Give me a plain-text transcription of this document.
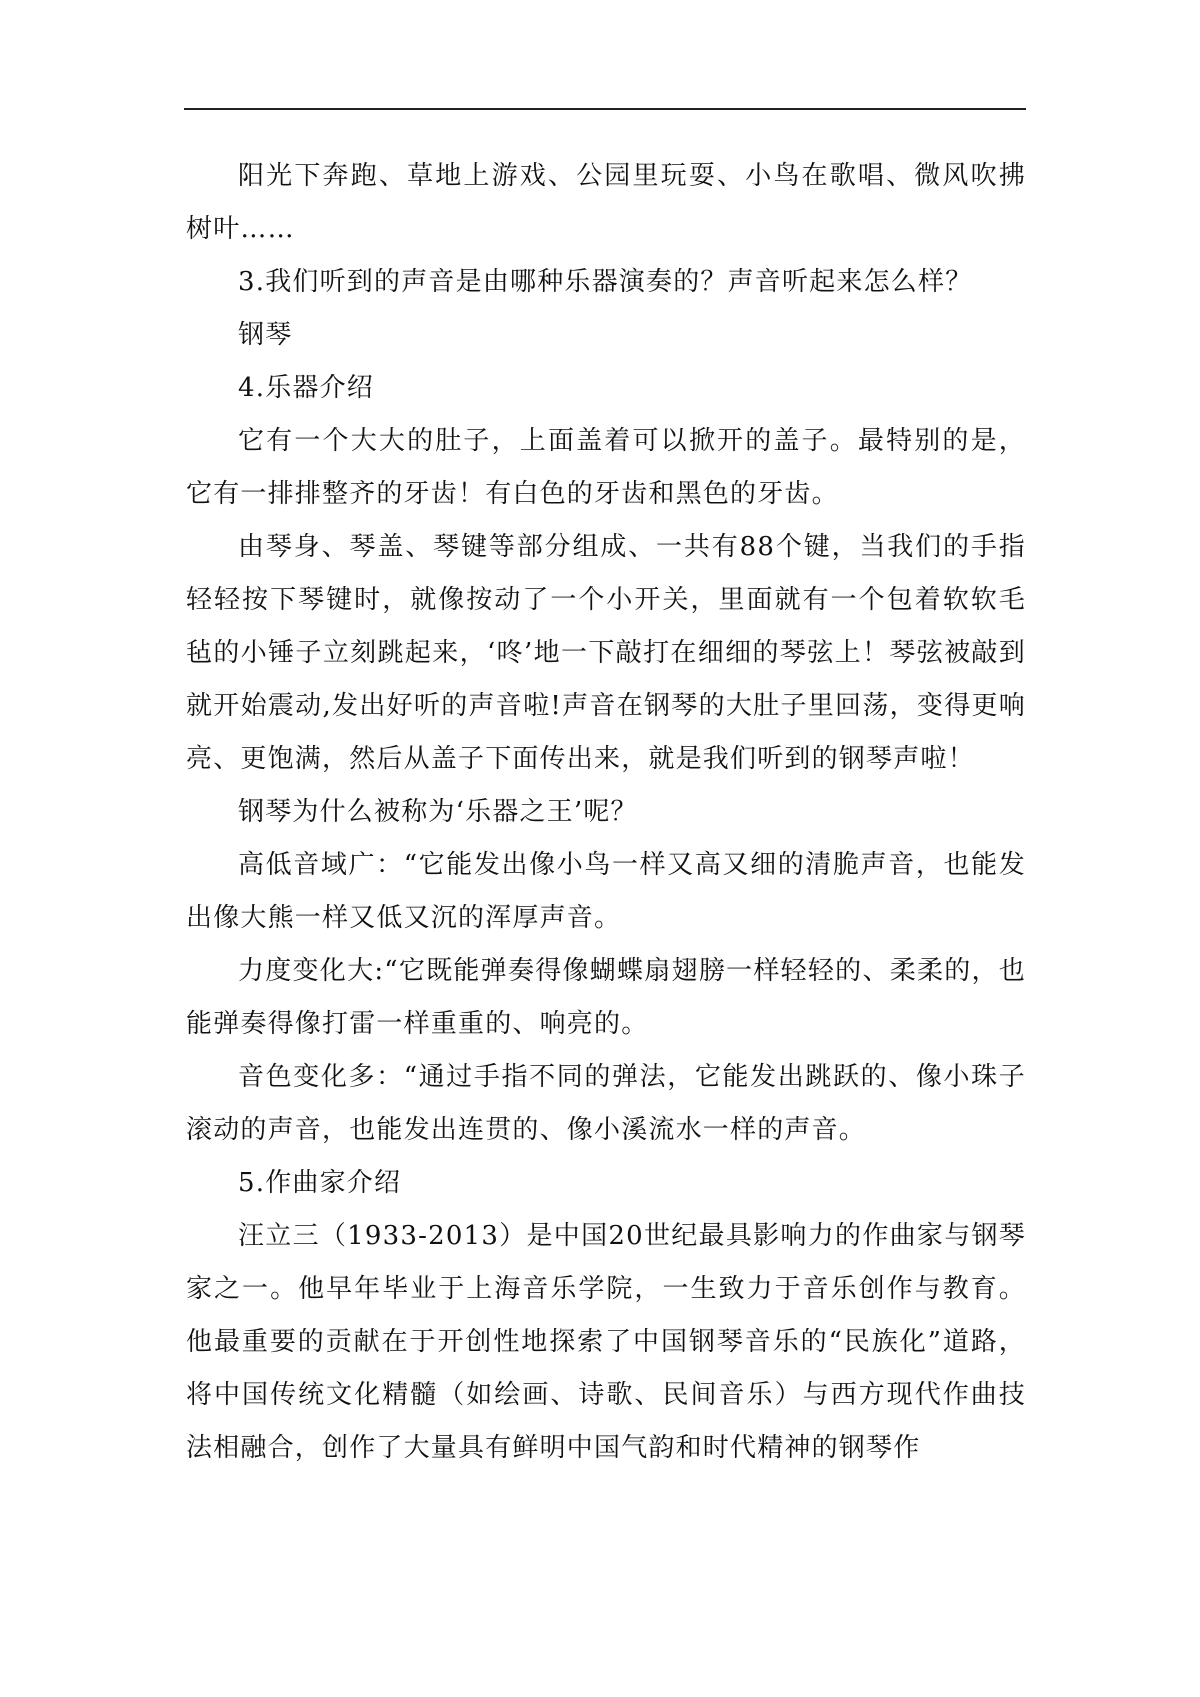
阳光下奔跑、草地上游戏、公园里玩耍、小鸟在歌唱、微风吹拂树叶……

3.我们听到的声音是由哪种乐器演奏的？声音听起来怎么样？

钢琴

4.乐器介绍

它有一个大大的肚子，上面盖着可以掀开的盖子。最特别的是，它有一排排整齐的牙齿！有白色的牙齿和黑色的牙齿。

由琴身、琴盖、琴键等部分组成、一共有88个键，当我们的手指轻轻按下琴键时，就像按动了一个小开关，里面就有一个包着软软毛毡的小锤子立刻跳起来，‘咚’地一下敲打在细细的琴弦上！琴弦被敲到就开始震动,发出好听的声音啦!声音在钢琴的大肚子里回荡，变得更响亮、更饱满，然后从盖子下面传出来，就是我们听到的钢琴声啦！

钢琴为什么被称为‘乐器之王’呢？

高低音域广：“它能发出像小鸟一样又高又细的清脆声音，也能发出像大熊一样又低又沉的浑厚声音。

力度变化大:“它既能弹奏得像蝴蝶扇翅膀一样轻轻的、柔柔的，也能弹奏得像打雷一样重重的、响亮的。

音色变化多：“通过手指不同的弹法，它能发出跳跃的、像小珠子滚动的声音，也能发出连贯的、像小溪流水一样的声音。

5.作曲家介绍

汪立三（1933-2013）是中国20世纪最具影响力的作曲家与钢琴家之一。他早年毕业于上海音乐学院，一生致力于音乐创作与教育。他最重要的贡献在于开创性地探索了中国钢琴音乐的“民族化”道路，将中国传统文化精髓（如绘画、诗歌、民间音乐）与西方现代作曲技法相融合，创作了大量具有鲜明中国气韵和时代精神的钢琴作
